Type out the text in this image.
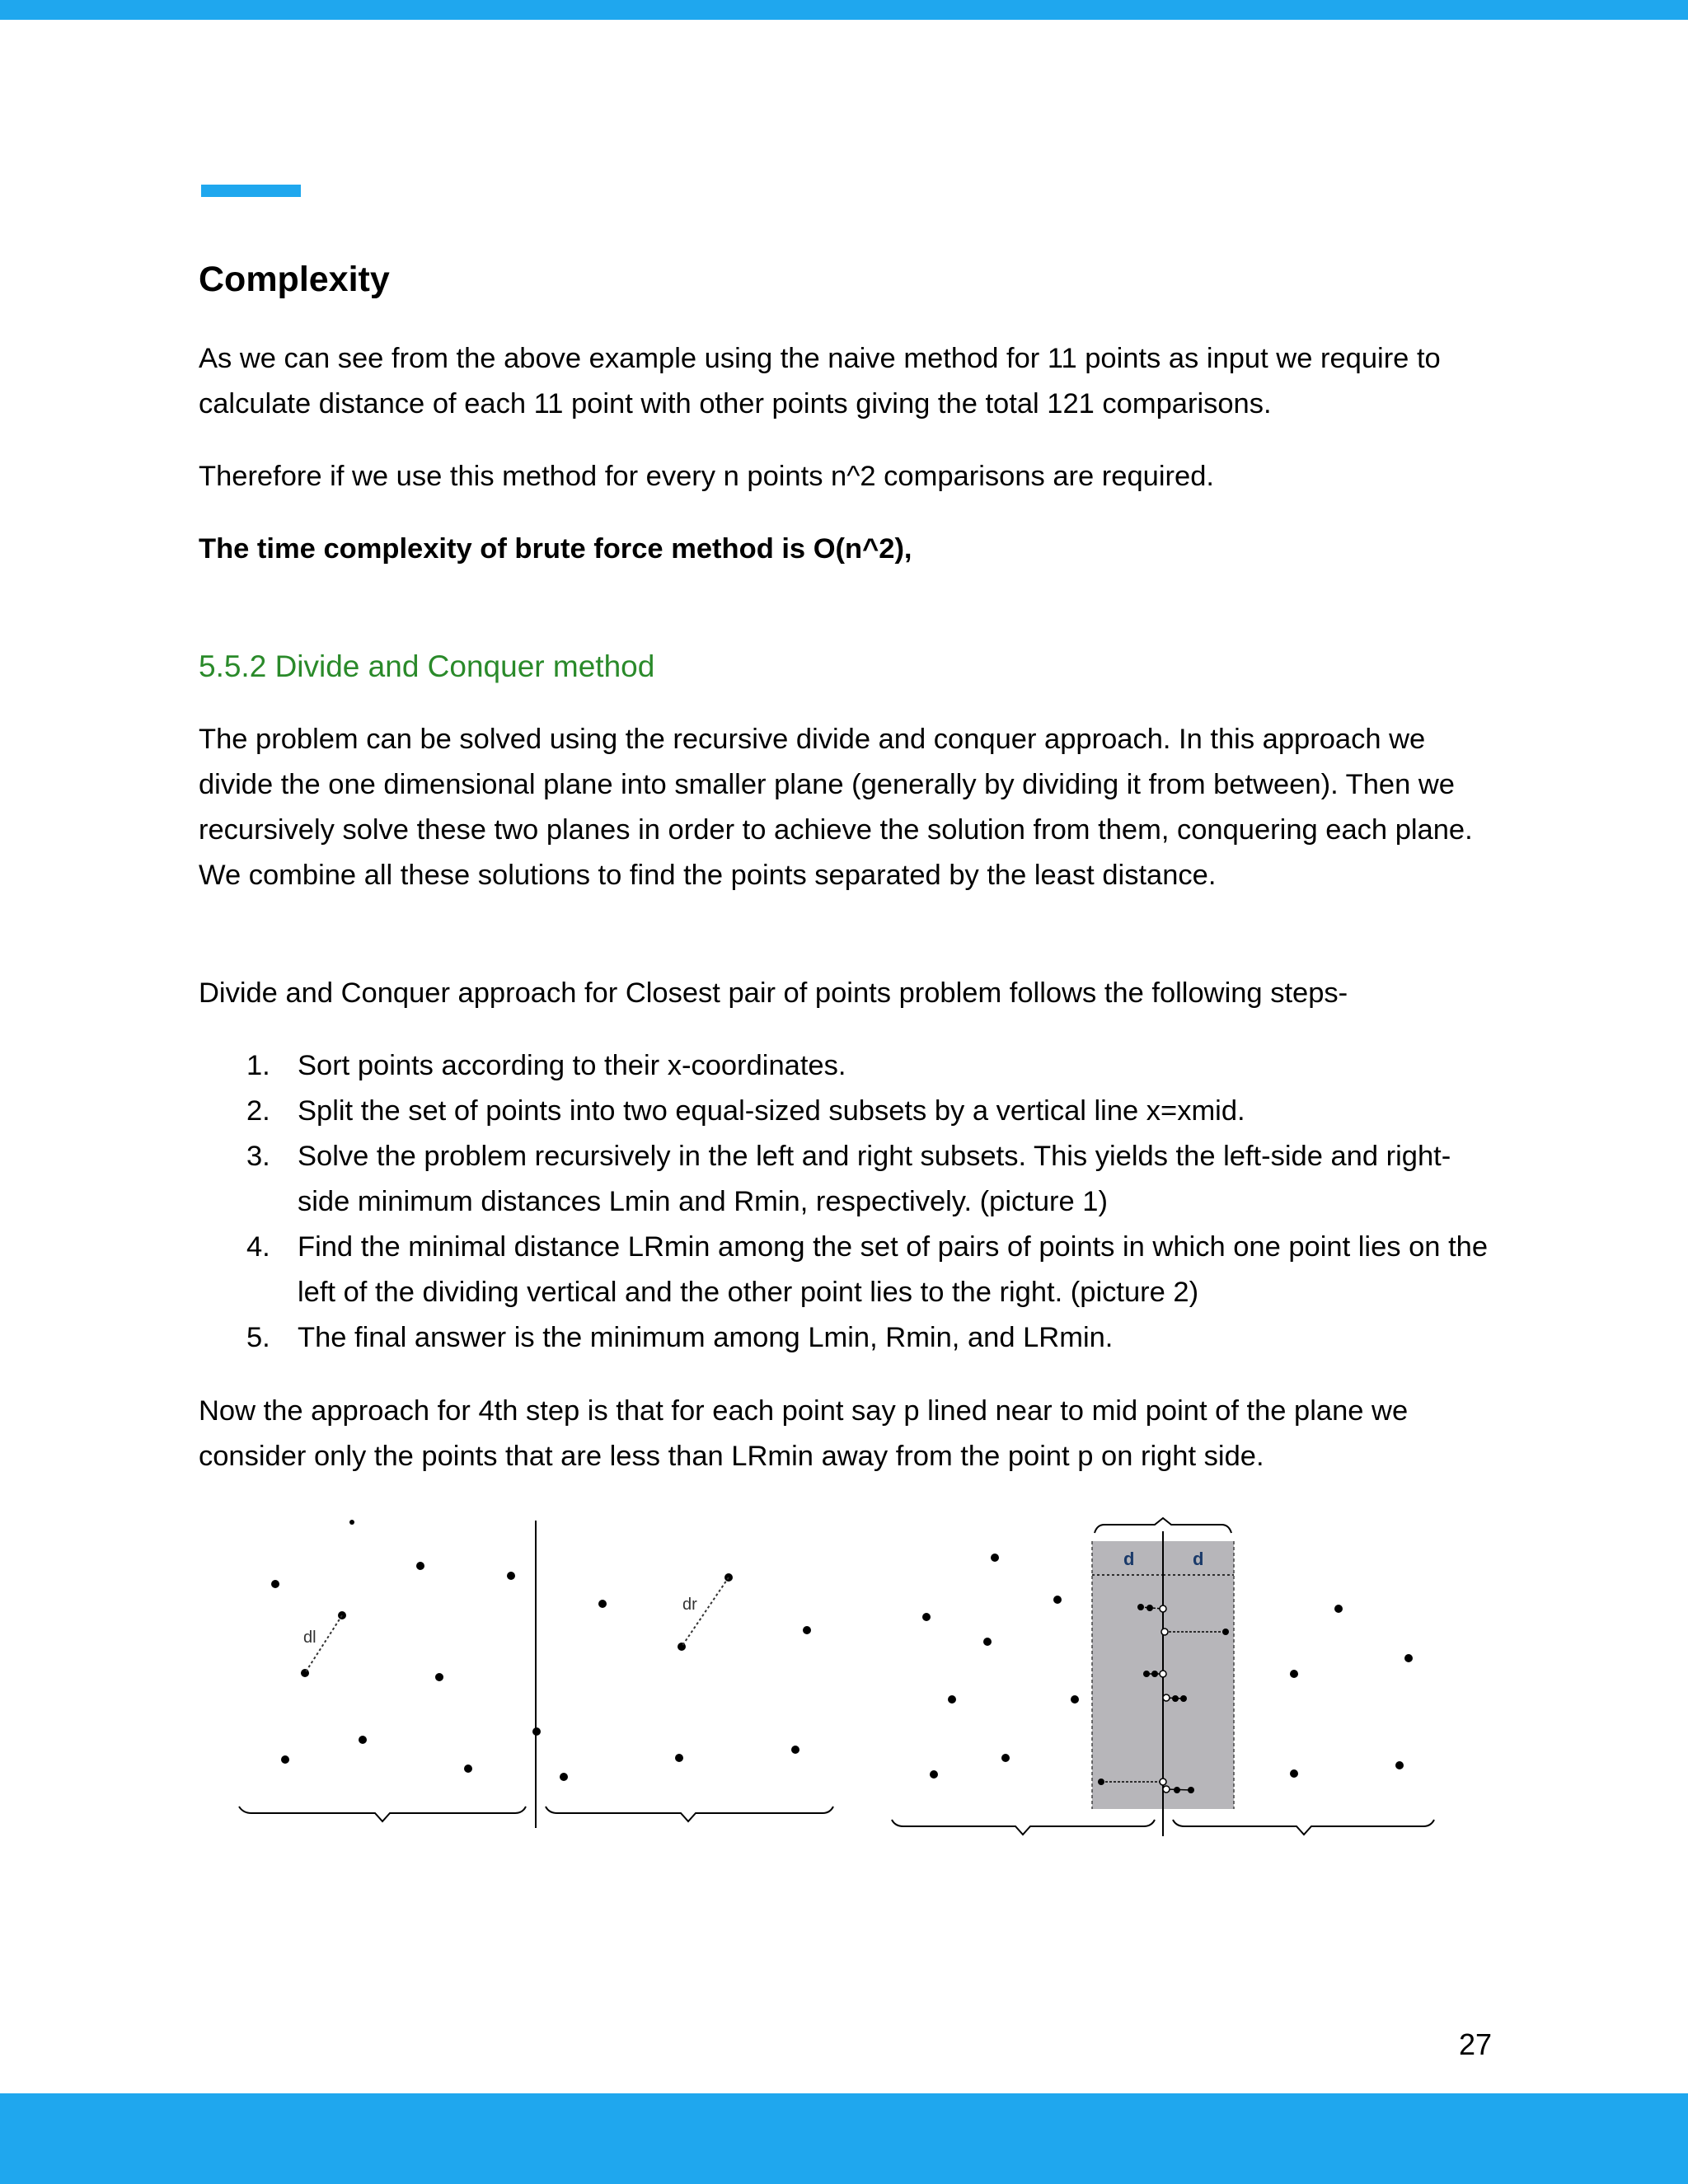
Complexity

As we can see from the above example using the naive method for 11 points as input we require to calculate distance of each 11 point with other points giving the total 121 comparisons.

Therefore if we use this method for every n points n^2 comparisons are required.

The time complexity of brute force method is O(n^2),

5.5.2 Divide and Conquer method

The problem can be solved using the recursive divide and conquer approach. In this approach we divide the one dimensional plane into smaller plane (generally by dividing it from between). Then we recursively solve these two planes in order to achieve the solution from them, conquering each plane. We combine all these solutions to find the points separated by the least distance.

Divide and Conquer approach for Closest pair of points problem follows the following steps-

1. Sort points according to their x-coordinates.
2. Split the set of points into two equal-sized subsets by a vertical line x=xmid.
3. Solve the problem recursively in the left and right subsets. This yields the left-side and right-side minimum distances Lmin and Rmin, respectively. (picture 1)
4. Find the minimal distance LRmin among the set of pairs of points in which one point lies on the left of the dividing vertical and the other point lies to the right. (picture 2)
5. The final answer is the minimum among Lmin, Rmin, and LRmin.

Now the approach for 4th step is that for each point say p lined near to mid point of the plane we consider only the points that are less than LRmin away from the point p on right side.

dl
dr
d	d
27
